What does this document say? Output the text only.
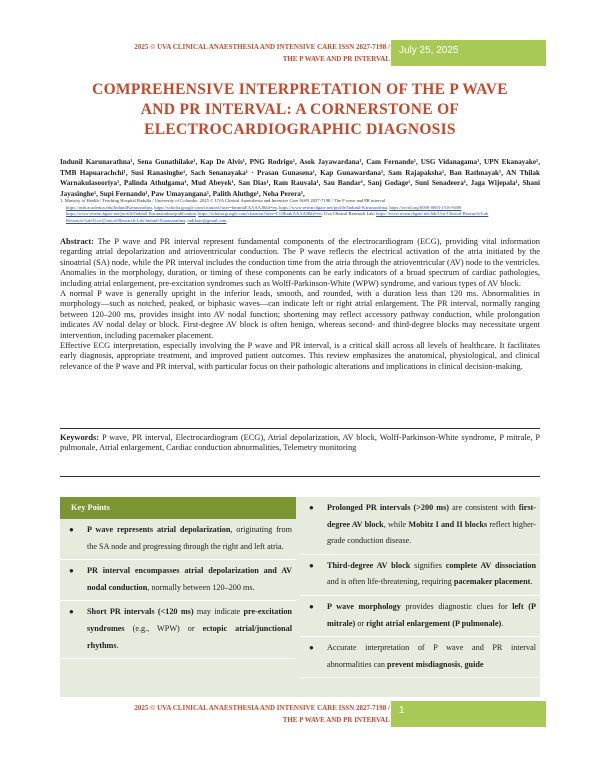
2025 © UVA CLINICAL ANAESTHESIA AND INTENSIVE CARE ISSN 2827-7198 /
THE P WAVE AND PR INTERVAL
July 25, 2025
COMPREHENSIVE INTERPRETATION OF THE P WAVE
AND PR INTERVAL: A CORNERSTONE OF
ELECTROCARDIOGRAPHIC DIAGNOSIS
Indunil Karunarathna¹, Sena Gunathilake¹, Kap De Alvis¹, PNG Rodrigo¹, Asok Jayawardana¹, Cam Fernando¹, USG Vidanagama¹, UPN Ekanayake¹, TMB Hapuarachchi¹, Susi Ranasinghe¹, Sach Senanayaka¹ · Prasan Gunasena¹, Kap Gunawardana¹, Sam Rajapaksha¹, Ban Rathnayak¹, AN Thilak Warnakulasooriya¹, Palinda Athulgama¹, Mud Abeyek¹, San Dias¹, Ram Rauvala¹, Sau Bandar¹, Sanj Godage¹, Suni Senadeera¹, Jaga Wijepala¹, Shani Jayasinghe¹, Supi Fernando¹, Paw Umayangana¹, Palith Aluthge¹, Neha Perera¹,

1. Ministry of Health / Teaching Hospital Badulla / University of Colombo. 2025 © UVA Clinical Anaesthesia and Intensive Care ISSN 2827-7198 / The P wave and PR interval

https://rmb.academia.edu/IndunilKarunarathna, https://scholar.google.com/citations?user=kmmfaEAAAAJ&hl=en, https://www.researchgate.net/profile/Indunil-Karunarathna, https://orcid.org/0000-0003-1516-9400

https://www.researchgate.net/profile/Indunil-Karunarathna/publication, https://scholar.google.com/citations?user=C1iRtmkAAAAJ&hl=en, Uva Clinical Research Lab: https://www.researchgate.net/lab/Uva-Clinical-Research-Lab

Research-Lab-Uva-Clinical-Research-Lab-Indunil-Karunarathna, indikaru@gmail.com

Abstract: The P wave and PR interval represent fundamental components of the electrocardiogram (ECG), providing vital information regarding atrial depolarization and atrioventricular conduction. The P wave reflects the electrical activation of the atria initiated by the sinoatrial (SA) node, while the PR interval includes the conduction time from the atria through the atrioventricular (AV) node to the ventricles. Anomalies in the morphology, duration, or timing of these components can be early indicators of a broad spectrum of cardiac pathologies, including atrial enlargement, pre-excitation syndromes such as Wolff-Parkinson-White (WPW) syndrome, and various types of AV block.

A normal P wave is generally upright in the inferior leads, smooth, and rounded, with a duration less than 120 ms. Abnormalities in morphology—such as notched, peaked, or biphasic waves—can indicate left or right atrial enlargement. The PR interval, normally ranging between 120–200 ms, provides insight into AV nodal function; shortening may reflect accessory pathway conduction, while prolongation indicates AV nodal delay or block. First-degree AV block is often benign, whereas second- and third-degree blocks may necessitate urgent intervention, including pacemaker placement.

Effective ECG interpretation, especially involving the P wave and PR interval, is a critical skill across all levels of healthcare. It facilitates early diagnosis, appropriate treatment, and improved patient outcomes. This review emphasizes the anatomical, physiological, and clinical relevance of the P wave and PR interval, with particular focus on their pathologic alterations and implications in clinical decision-making.

Keywords: P wave, PR interval, Electrocardiogram (ECG), Atrial depolarization, AV block, Wolff-Parkinson-White syndrome, P mitrale, P pulmonale, Atrial enlargement, Cardiac conduction abnormalities, Telemetry monitoring
Key Points
● P wave represents atrial depolarization, originating from the SA node and progressing through the right and left atria.
● PR interval encompasses atrial depolarization and AV nodal conduction, normally between 120–200 ms.
● Short PR intervals (<120 ms) may indicate pre-excitation syndromes (e.g., WPW) or ectopic atrial/junctional rhythms.
● Prolonged PR intervals (>200 ms) are consistent with first-degree AV block, while Mobitz I and II blocks reflect higher-grade conduction disease.
● Third-degree AV block signifies complete AV dissociation and is often life-threatening, requiring pacemaker placement.
● P wave morphology provides diagnostic clues for left (P mitrale) or right atrial enlargement (P pulmonale).
● Accurate interpretation of P wave and PR interval abnormalities can prevent misdiagnosis, guide
2025 © UVA CLINICAL ANAESTHESIA AND INTENSIVE CARE ISSN 2827-7198 /
THE P WAVE AND PR INTERVAL
1
